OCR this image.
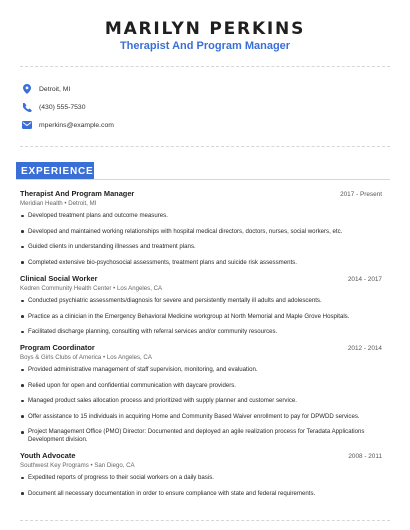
MARILYN PERKINS
Therapist And Program Manager
Detroit, MI
(430) 555-7530
mperkins@example.com
EXPERIENCE
Therapist And Program Manager	2017 - Present
Meridian Health • Detroit, MI
Developed treatment plans and outcome measures.
Developed and maintained working relationships with hospital medical directors, doctors, nurses, social workers, etc.
Guided clients in understanding illnesses and treatment plans.
Completed extensive bio-psychosocial assessments, treatment plans and suicide risk assessments.
Clinical Social Worker	2014 - 2017
Kedren Community Health Center • Los Angeles, CA
Conducted psychiatric assessments/diagnosis for severe and persistently mentally ill adults and adolescents.
Practice as a clinician in the Emergency Behavioral Medicine workgroup at North Memorial and Maple Grove Hospitals.
Facilitated discharge planning, consulting with referral services and/or community resources.
Program Coordinator	2012 - 2014
Boys & Girls Clubs of America • Los Angeles, CA
Provided administrative management of staff supervision, monitoring, and evaluation.
Relied upon for open and confidential communication with daycare providers.
Managed product sales allocation process and prioritized with supply planner and customer service.
Offer assistance to 15 individuals in acquiring Home and Community Based Waiver enrollment to pay for DPWDD services.
Project Management Office (PMO) Director: Documented and deployed an agile realization process for Teradata Applications Development division.
Youth Advocate	2008 - 2011
Southwest Key Programs • San Diego, CA
Expedited reports of progress to their social workers on a daily basis.
Document all necessary documentation in order to ensure compliance with state and federal requirements.
